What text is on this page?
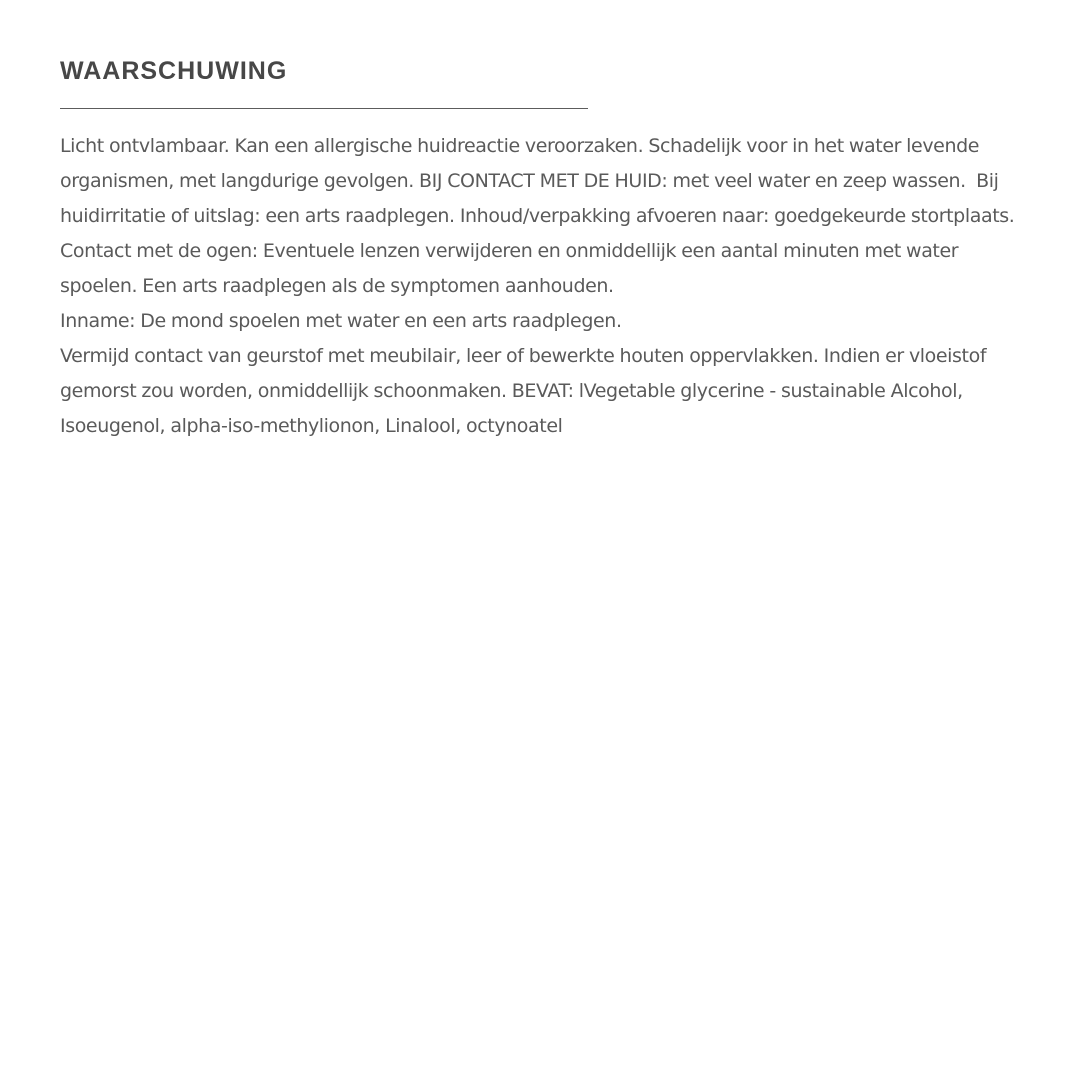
WAARSCHUWING

Licht ontvlambaar. Kan een allergische huidreactie veroorzaken. Schadelijk voor in het water levende organismen, met langdurige gevolgen. BIJ CONTACT MET DE HUID: met veel water en zeep wassen.  Bij huidirritatie of uitslag: een arts raadplegen. Inhoud/verpakking afvoeren naar: goedgekeurde stortplaats.

Contact met de ogen: Eventuele lenzen verwijderen en onmiddellijk een aantal minuten met water spoelen. Een arts raadplegen als de symptomen aanhouden.

Inname: De mond spoelen met water en een arts raadplegen.

Vermijd contact van geurstof met meubilair, leer of bewerkte houten oppervlakken. Indien er vloeistof gemorst zou worden, onmiddellijk schoonmaken. BEVAT: lVegetable glycerine - sustainable Alcohol, Isoeugenol, alpha-iso-methylionon, Linalool, octynoatel
